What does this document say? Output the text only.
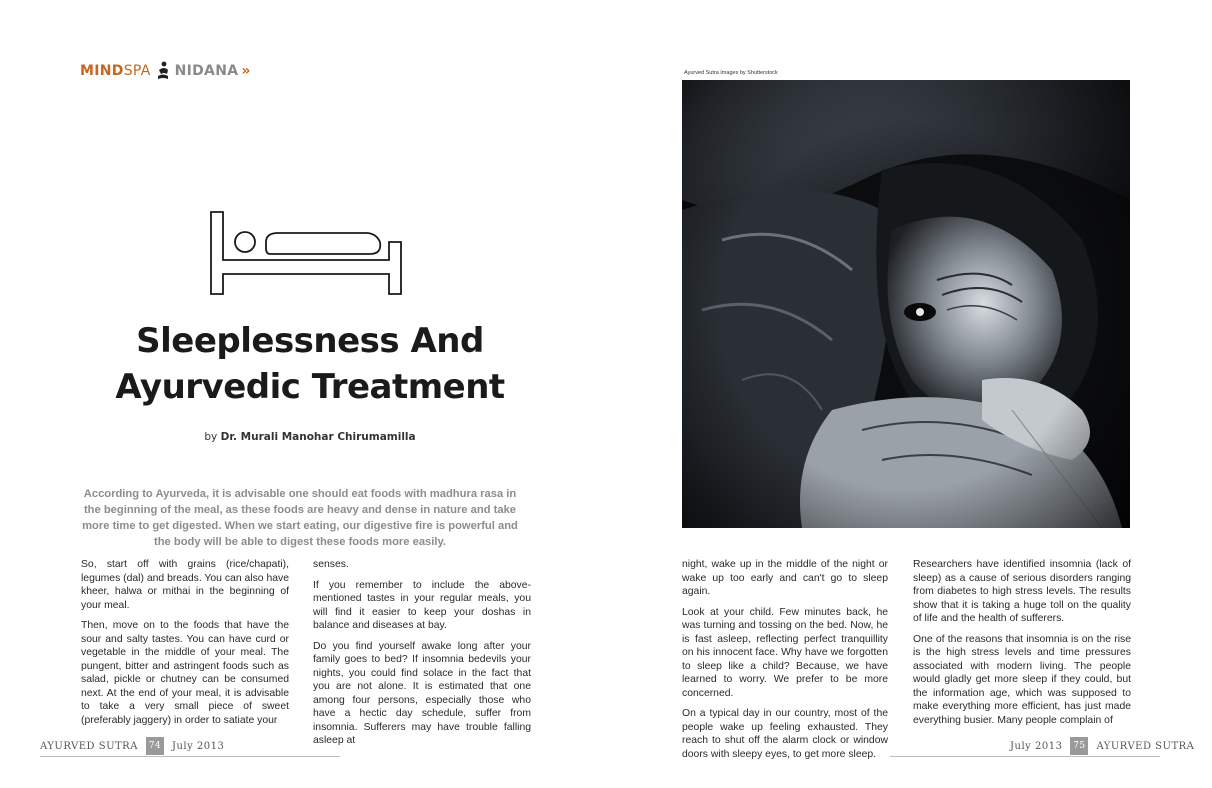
MIND SPA NIDANA »
Sleeplessness And
Ayurvedic Treatment
by Dr. Murali Manohar Chirumamilla
According to Ayurveda, it is advisable one should eat foods with madhura rasa in the beginning of the meal, as these foods are heavy and dense in nature and take more time to get digested. When we start eating, our digestive fire is powerful and the body will be able to digest these foods more easily.

So, start off with grains (rice/chapati), legumes (dal) and breads. You can also have kheer, halwa or mithai in the beginning of your meal.

Then, move on to the foods that have the sour and salty tastes. You can have curd or vegetable in the middle of your meal. The pungent, bitter and astringent foods such as salad, pickle or chutney can be consumed next. At the end of your meal, it is advisable to take a very small piece of sweet (preferably jaggery) in order to satiate your

senses.

If you remember to include the above-mentioned tastes in your regular meals, you will find it easier to keep your doshas in balance and diseases at bay.

Do you find yourself awake long after your family goes to bed? If insomnia bedevils your nights, you could find solace in the fact that you are not alone. It is estimated that one among four persons, especially those who have a hectic day schedule, suffer from insomnia. Sufferers may have trouble falling asleep at

night, wake up in the middle of the night or wake up too early and can't go to sleep again.

Look at your child. Few minutes back, he was turning and tossing on the bed. Now, he is fast asleep, reflecting perfect tranquillity on his innocent face. Why have we forgotten to sleep like a child? Because, we have learned to worry. We prefer to be more concerned.

On a typical day in our country, most of the people wake up feeling exhausted. They reach to shut off the alarm clock or window doors with sleepy eyes, to get more sleep.

Researchers have identified insomnia (lack of sleep) as a cause of serious disorders ranging from diabetes to high stress levels. The results show that it is taking a huge toll on the quality of life and the health of sufferers.

One of the reasons that insomnia is on the rise is the high stress levels and time pressures associated with modern living. The people would gladly get more sleep if they could, but the information age, which was supposed to make everything more efficient, has just made everything busier. Many people complain of

Ayurved Sutra Images by Shutterstock
AYURVED SUTRA	74 July 2013	July 2013	75 AYURVED SUTRA
